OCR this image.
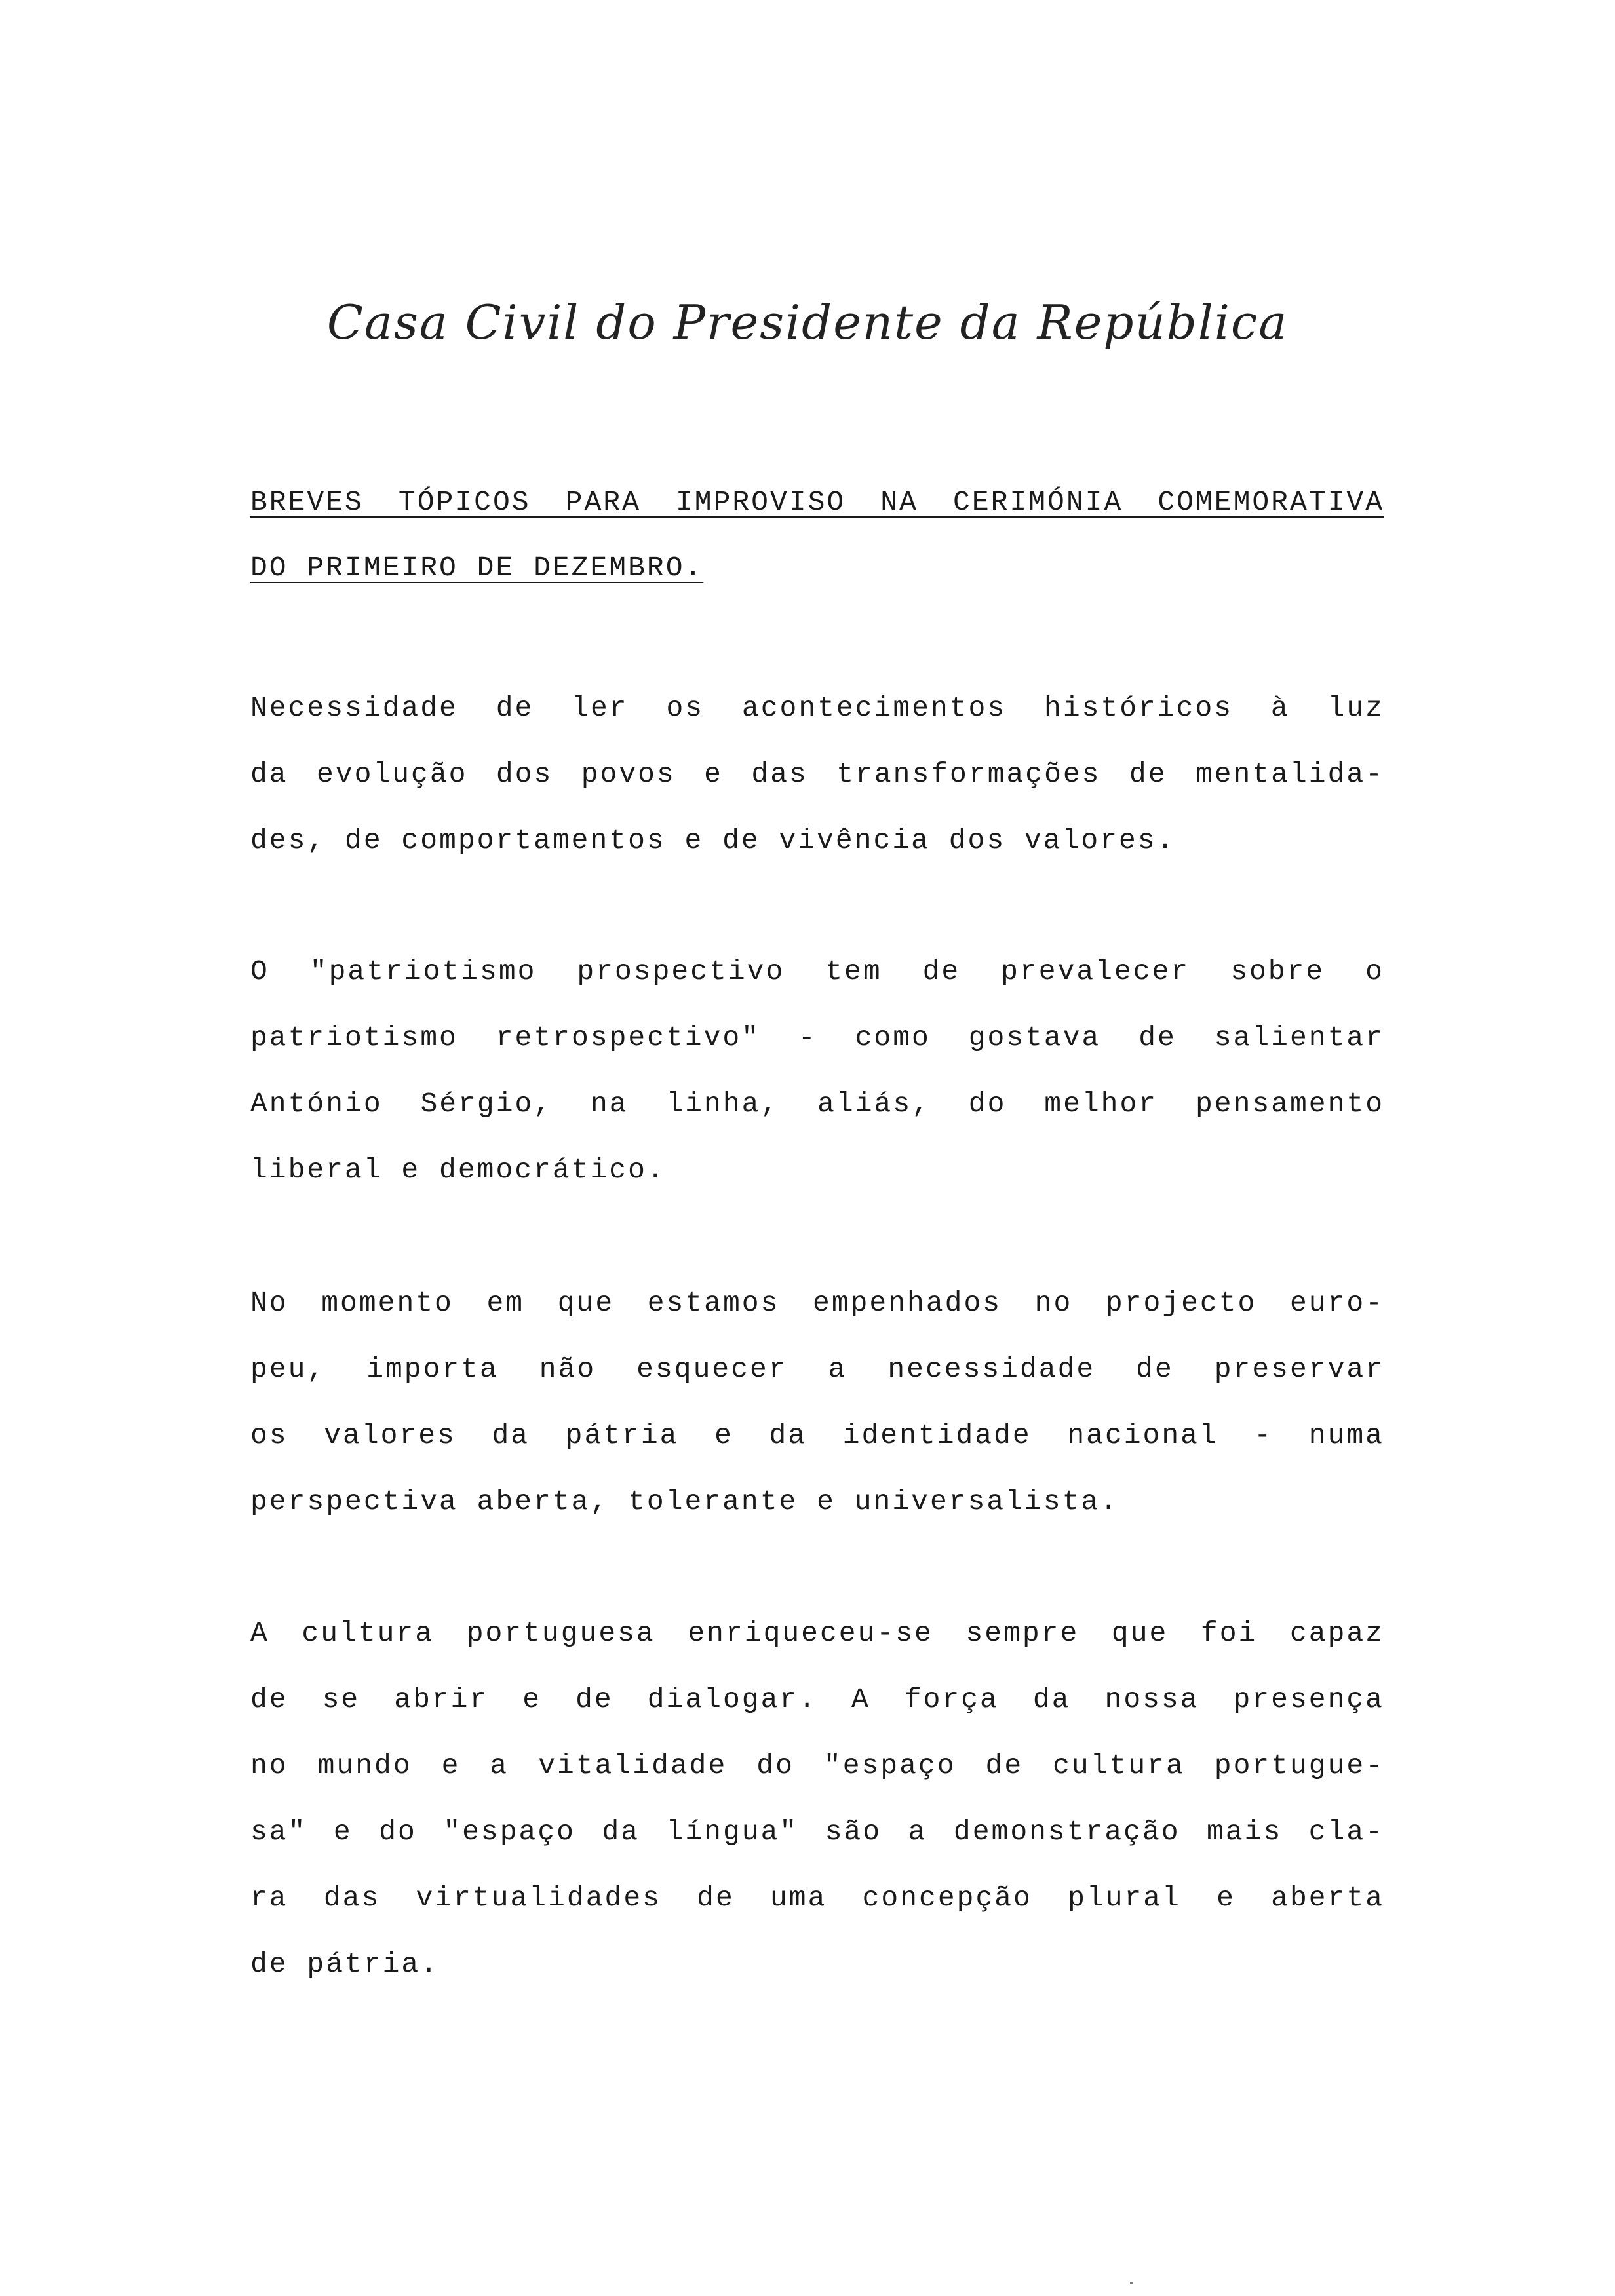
Casa Civil do Presidente da República
BREVES TÓPICOS PARA IMPROVISO NA CERIMÓNIA COMEMORATIVA
DO PRIMEIRO DE DEZEMBRO.
Necessidade de ler os acontecimentos históricos à luz
da evolução dos povos e das transformações de mentalida-
des, de comportamentos e de vivência dos valores.
O "patriotismo prospectivo tem de prevalecer sobre o
patriotismo retrospectivo" - como gostava de salientar
António Sérgio, na linha, aliás, do melhor pensamento
liberal e democrático.
No momento em que estamos empenhados no projecto euro-
peu, importa não esquecer a necessidade de preservar
os valores da pátria e da identidade nacional - numa
perspectiva aberta, tolerante e universalista.
A cultura portuguesa enriqueceu-se sempre que foi capaz
de se abrir e de dialogar. A força da nossa presença
no mundo e a vitalidade do "espaço de cultura portugue-
sa" e do "espaço da língua" são a demonstração mais cla-
ra das virtualidades de uma concepção plural e aberta
de pátria.
